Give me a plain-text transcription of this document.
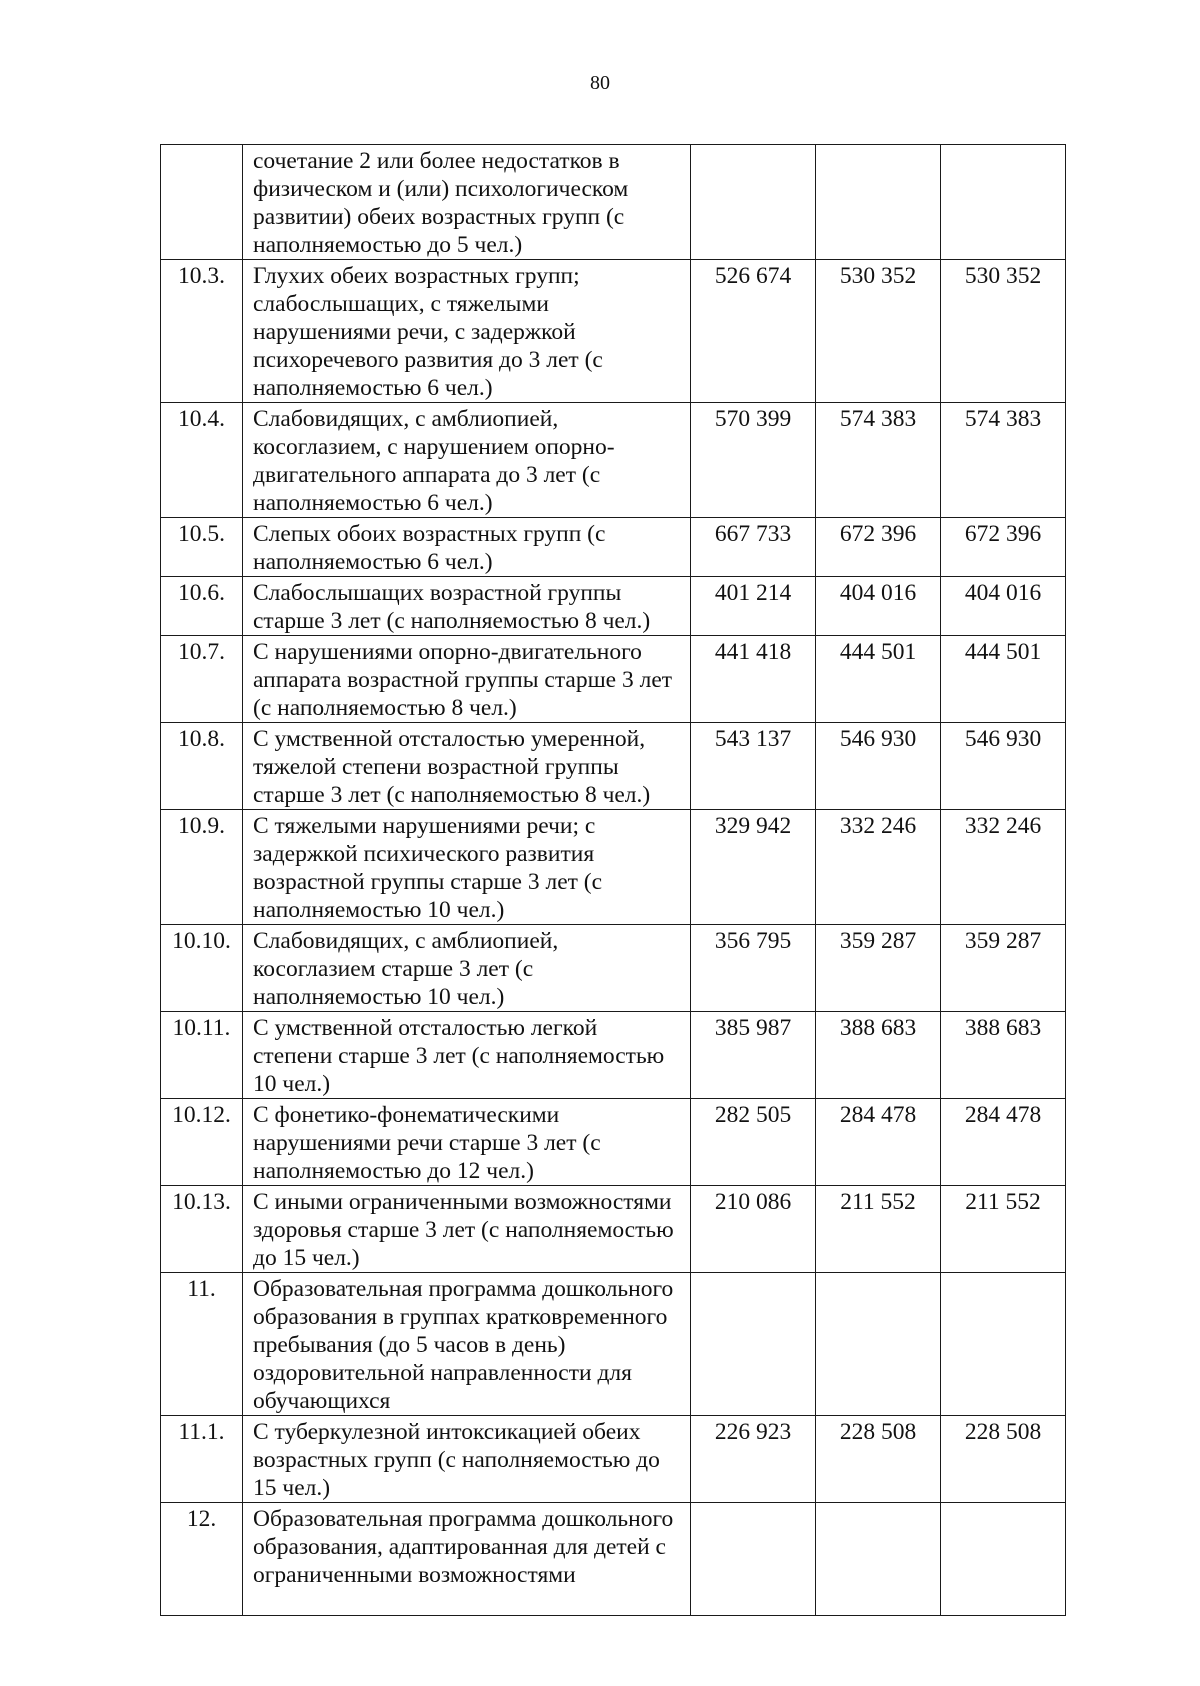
80
	сочетание 2 или более недостатков в физическом и (или) психологическом развитии) обеих возрастных групп (с наполняемостью до 5 чел.)			
10.3.	Глухих обеих возрастных групп; слабослышащих, с тяжелыми нарушениями речи, с задержкой психоречевого развития до 3 лет (с наполняемостью 6 чел.)	526 674	530 352	530 352
10.4.	Слабовидящих, с амблиопией, косоглазием, с нарушением опорно-двигательного аппарата до 3 лет (с наполняемостью 6 чел.)	570 399	574 383	574 383
10.5.	Слепых обоих возрастных групп (с наполняемостью 6 чел.)	667 733	672 396	672 396
10.6.	Слабослышащих возрастной группы старше 3 лет (с наполняемостью 8 чел.)	401 214	404 016	404 016
10.7.	С нарушениями опорно-двигательного аппарата возрастной группы старше 3 лет (с наполняемостью 8 чел.)	441 418	444 501	444 501
10.8.	С умственной отсталостью умеренной, тяжелой степени возрастной группы старше 3 лет (с наполняемостью 8 чел.)	543 137	546 930	546 930
10.9.	С тяжелыми нарушениями речи; с задержкой психического развития возрастной группы старше 3 лет (с наполняемостью 10 чел.)	329 942	332 246	332 246
10.10.	Слабовидящих, с амблиопией, косоглазием старше 3 лет (с наполняемостью 10 чел.)	356 795	359 287	359 287
10.11.	С умственной отсталостью легкой степени старше 3 лет (с наполняемостью 10 чел.)	385 987	388 683	388 683
10.12.	С фонетико-фонематическими нарушениями речи старше 3 лет (с наполняемостью до 12 чел.)	282 505	284 478	284 478
10.13.	С иными ограниченными возможностями здоровья старше 3 лет (с наполняемостью до 15 чел.)	210 086	211 552	211 552
11.	Образовательная программа дошкольного образования в группах кратковременного пребывания (до 5 часов в день) оздоровительной направленности для обучающихся			
11.1.	С туберкулезной интоксикацией обеих возрастных групп (с наполняемостью до 15 чел.)	226 923	228 508	228 508
12.	Образовательная программа дошкольного образования, адаптированная для детей с ограниченными возможностями			
